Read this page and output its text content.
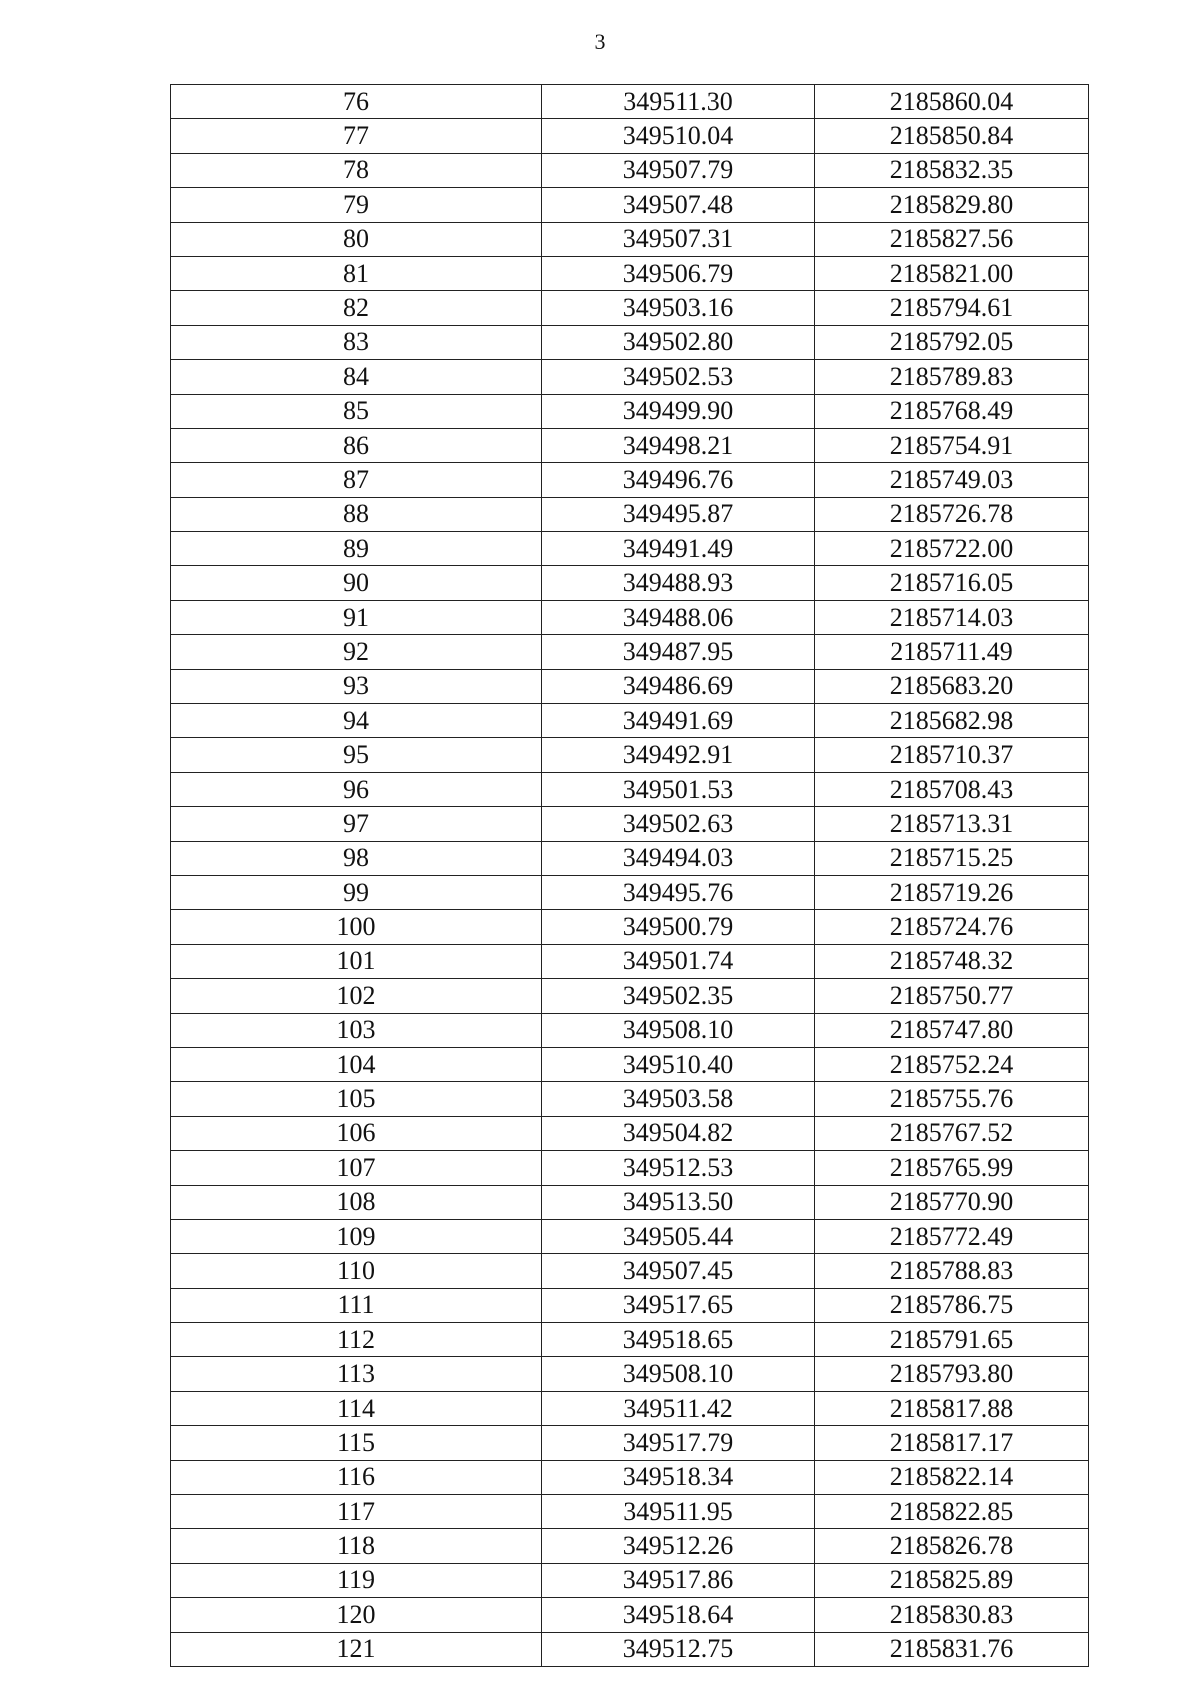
3
76	349511.30	2185860.04
77	349510.04	2185850.84
78	349507.79	2185832.35
79	349507.48	2185829.80
80	349507.31	2185827.56
81	349506.79	2185821.00
82	349503.16	2185794.61
83	349502.80	2185792.05
84	349502.53	2185789.83
85	349499.90	2185768.49
86	349498.21	2185754.91
87	349496.76	2185749.03
88	349495.87	2185726.78
89	349491.49	2185722.00
90	349488.93	2185716.05
91	349488.06	2185714.03
92	349487.95	2185711.49
93	349486.69	2185683.20
94	349491.69	2185682.98
95	349492.91	2185710.37
96	349501.53	2185708.43
97	349502.63	2185713.31
98	349494.03	2185715.25
99	349495.76	2185719.26
100	349500.79	2185724.76
101	349501.74	2185748.32
102	349502.35	2185750.77
103	349508.10	2185747.80
104	349510.40	2185752.24
105	349503.58	2185755.76
106	349504.82	2185767.52
107	349512.53	2185765.99
108	349513.50	2185770.90
109	349505.44	2185772.49
110	349507.45	2185788.83
111	349517.65	2185786.75
112	349518.65	2185791.65
113	349508.10	2185793.80
114	349511.42	2185817.88
115	349517.79	2185817.17
116	349518.34	2185822.14
117	349511.95	2185822.85
118	349512.26	2185826.78
119	349517.86	2185825.89
120	349518.64	2185830.83
121	349512.75	2185831.76
